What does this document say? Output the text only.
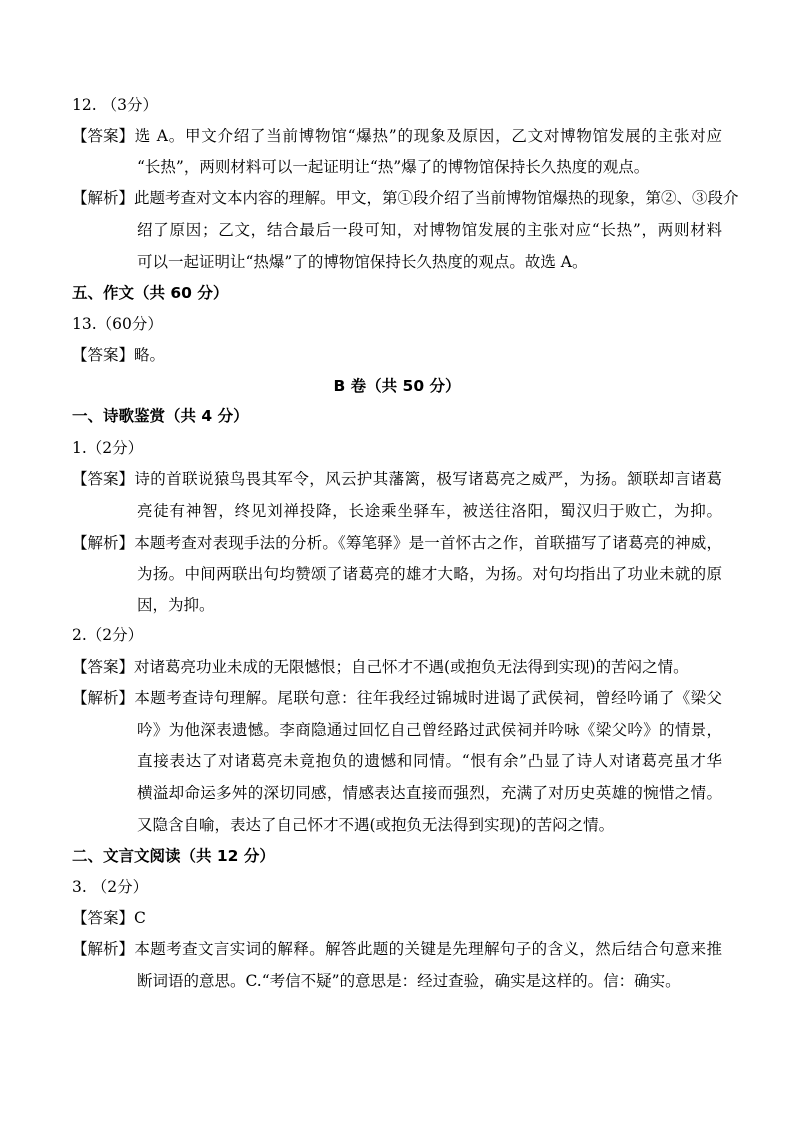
12. （3分）
【答案】选 A。甲文介绍了当前博物馆“爆热”的现象及原因，乙文对博物馆发展的主张对应
“长热”，两则材料可以一起证明让“热”爆了的博物馆保持长久热度的观点。
【解析】此题考查对文本内容的理解。甲文，第①段介绍了当前博物馆爆热的现象，第②、③段介
绍了原因；乙文，结合最后一段可知，对博物馆发展的主张对应“长热”，两则材料
可以一起证明让“热爆”了的博物馆保持长久热度的观点。故选 A。
五、作文（共 60 分）
13.（60分）
【答案】略。
B 卷（共 50 分）
一、诗歌鉴赏（共 4 分）
1.（2分）
【答案】诗的首联说猿鸟畏其军令，风云护其藩篱，极写诸葛亮之威严，为扬。颔联却言诸葛
亮徒有神智，终见刘禅投降，长途乘坐驿车，被送往洛阳，蜀汉归于败亡，为抑。
【解析】本题考查对表现手法的分析。《筹笔驿》是一首怀古之作，首联描写了诸葛亮的神威，
为扬。中间两联出句均赞颂了诸葛亮的雄才大略，为扬。对句均指出了功业未就的原
因，为抑。
2.（2分）
【答案】对诸葛亮功业未成的无限憾恨；自己怀才不遇(或抱负无法得到实现)的苦闷之情。
【解析】本题考查诗句理解。尾联句意：往年我经过锦城时进谒了武侯祠，曾经吟诵了《梁父
吟》为他深表遗憾。李商隐通过回忆自己曾经路过武侯祠并吟咏《梁父吟》的情景，
直接表达了对诸葛亮未竟抱负的遗憾和同情。“恨有余”凸显了诗人对诸葛亮虽才华
横溢却命运多舛的深切同感，情感表达直接而强烈，充满了对历史英雄的惋惜之情。
又隐含自喻，表达了自己怀才不遇(或抱负无法得到实现)的苦闷之情。
二、文言文阅读（共 12 分）
3. （2分）
【答案】C
【解析】本题考查文言实词的解释。解答此题的关键是先理解句子的含义，然后结合句意来推
断词语的意思。C.“考信不疑”的意思是：经过查验，确实是这样的。信：确实。
